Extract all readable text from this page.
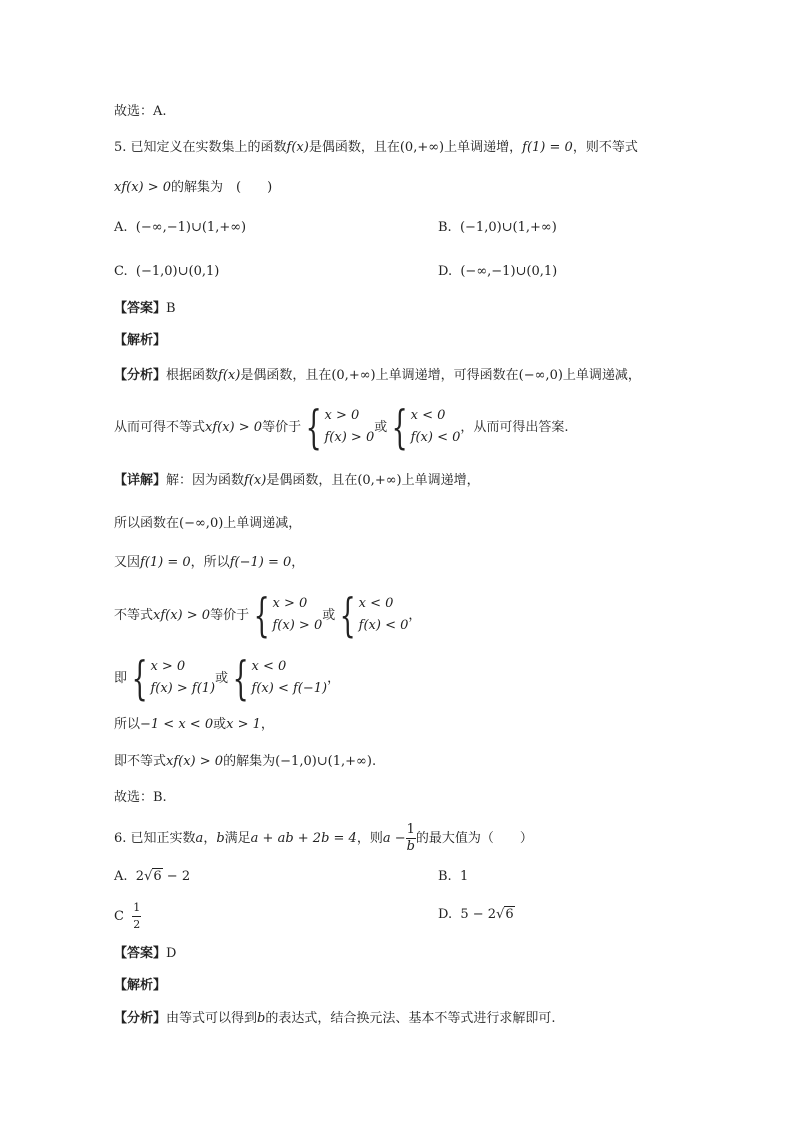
故选：A.
5. 已知定义在实数集上的函数f(x)是偶函数，且在(0,+∞)上单调递增，f(1) = 0，则不等式
xf(x) > 0的解集为　(　　)
A. (−∞,−1)∪(1,+∞)	B. (−1,0)∪(1,+∞)
C. (−1,0)∪(0,1)	D. (−∞,−1)∪(0,1)
【答案】B
【解析】
【分析】根据函数f(x)是偶函数，且在(0,+∞)上单调递增，可得函数在(−∞,0)上单调递减，
从而可得不等式xf(x) > 0等价于 { x > 0
f(x) > 0或 { x < 0
f(x) < 0，从而可得出答案.
【详解】解：因为函数f(x)是偶函数，且在(0,+∞)上单调递增，
所以函数在(−∞,0)上单调递减，
又因f(1) = 0，所以f(−1) = 0，
不等式xf(x) > 0等价于 { x > 0
f(x) > 0或 { x < 0
f(x) < 0，
即 { x > 0
f(x) > f(1)或 { x < 0
f(x) < f(−1)，
所以−1 < x < 0或x > 1，
即不等式xf(x) > 0的解集为(−1,0)∪(1,+∞).
故选：B.
6. 已知正实数a，b满足a + ab + 2b = 4，则$a - \frac{1}{b}$ 的最大值为（　　）
A. 2√6 − 2	B. 1
C $\frac{1}{2}$	D. 5 − 2√6
【答案】D
【解析】
【分析】由等式可以得到b的表达式，结合换元法、基本不等式进行求解即可.
